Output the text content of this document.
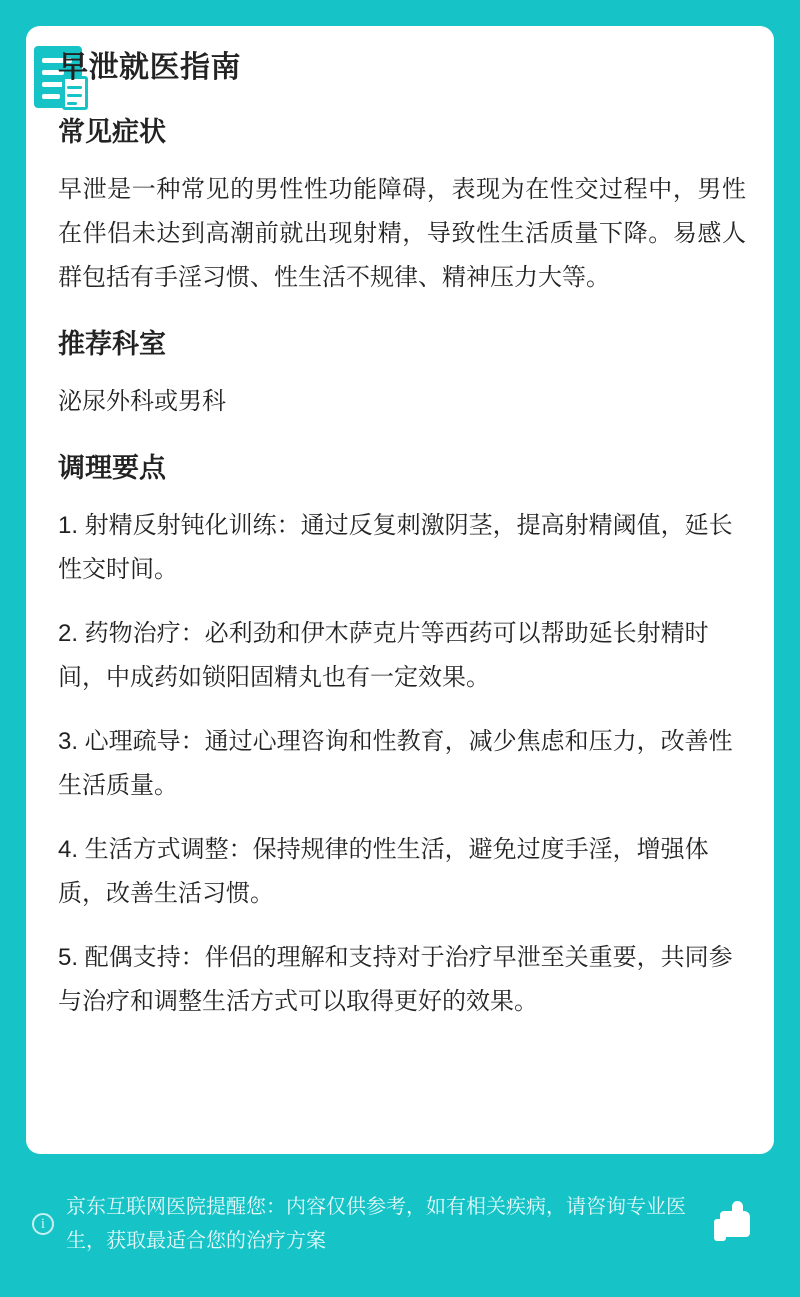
早泄就医指南
常见症状

早泄是一种常见的男性性功能障碍，表现为在性交过程中，男性在伴侣未达到高潮前就出现射精，导致性生活质量下降。易感人群包括有手淫习惯、性生活不规律、精神压力大等。

推荐科室

泌尿外科或男科

调理要点

1. 射精反射钝化训练：通过反复刺激阴茎，提高射精阈值，延长性交时间。

2. 药物治疗：必利劲和伊木萨克片等西药可以帮助延长射精时间，中成药如锁阳固精丸也有一定效果。

3. 心理疏导：通过心理咨询和性教育，减少焦虑和压力，改善性生活质量。

4. 生活方式调整：保持规律的性生活，避免过度手淫，增强体质，改善生活习惯。

5. 配偶支持：伴侣的理解和支持对于治疗早泄至关重要，共同参与治疗和调整生活方式可以取得更好的效果。

i
京东互联网医院提醒您：内容仅供参考，如有相关疾病，请咨询专业医生，获取最适合您的治疗方案
